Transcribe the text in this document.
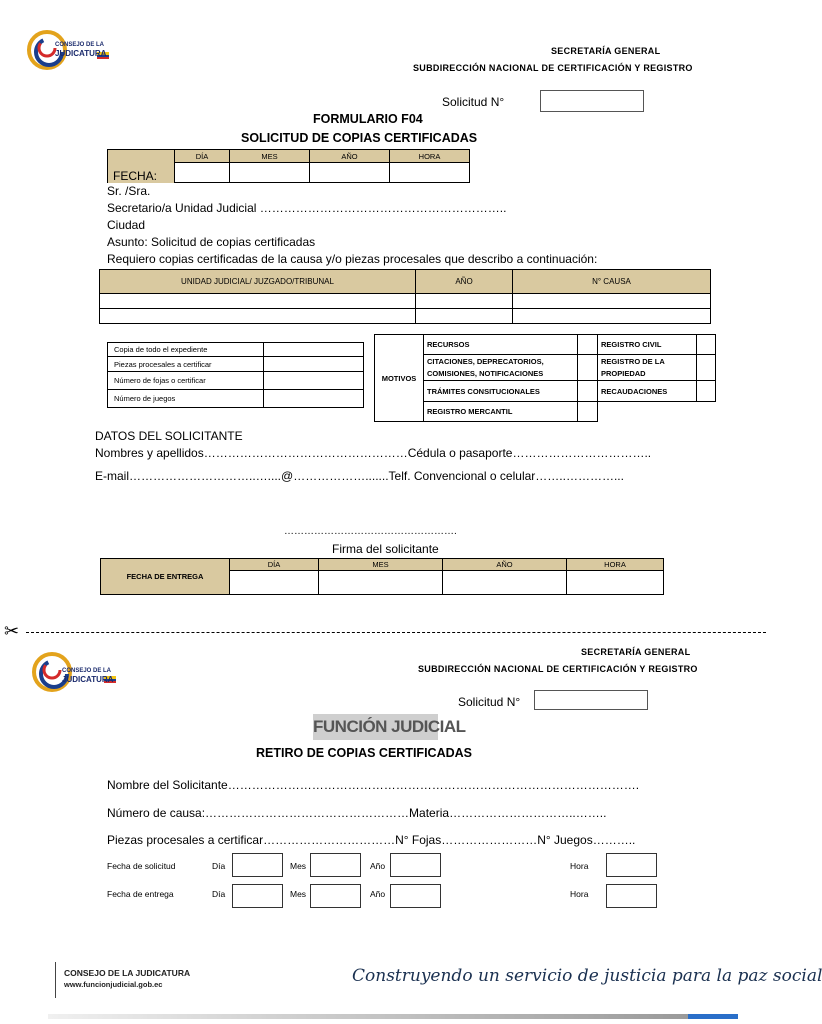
CONSEJO DE LA
JUDICATURA	SECRETARÍA GENERAL
SUBDIRECCIÓN NACIONAL DE CERTIFICACIÓN Y REGISTRO
Solicitud N°
FORMULARIO F04
SOLICITUD DE COPIAS CERTIFICADAS
FECHA:	DÍA	MES	AÑO	HORA

Sr. /Sra.
Secretario/a Unidad Judicial ……………………………………………………..
Ciudad
Asunto: Solicitud de copias certificadas
Requiero copias certificadas de la causa y/o piezas procesales que describo a continuación:
UNIDAD JUDICIAL/ JUZGADO/TRIBUNAL	AÑO	N° CAUSA

Copia de todo el expediente	
Piezas procesales a certificar	
Número de fojas o certificar	
Número de juegos	
MOTIVOS	RECURSOS		REGISTRO CIVIL	
	CITACIONES, DEPRECATORIOS, COMISIONES, NOTIFICACIONES		REGISTRO DE LA PROPIEDAD	
	TRÁMITES CONSITUCIONALES		RECAUDACIONES	
	REGISTRO MERCANTIL			
DATOS DEL SOLICITANTE
Nombres y apellidos……………………………………………Cédula o pasaporte……………………………..
E-mail…………………………..…....@……………….......Telf. Convencional o celular……..…………...
…………………………………………….
Firma del solicitante
FECHA DE ENTREGA	DÍA	MES	AÑO	HORA

✂
CONSEJO DE LA
JUDICATURA
SECRETARÍA GENERAL
SUBDIRECCIÓN NACIONAL DE CERTIFICACIÓN Y REGISTRO
Solicitud N°
FUNCIÓN JUDICIAL
RETIRO DE COPIAS CERTIFICADAS
Nombre del Solicitante………………………………………………………………………………………….
Número de causa:……………………………………………Materia…………………………..……..
Piezas procesales a certificar……………………………N° Fojas……………………N° Juegos………..
Fecha de solicitud	Día	Mes	Año	Hora
Fecha de entrega	Día	Mes	Año	Hora
CONSEJO DE LA JUDICATURA
www.funcionjudicial.gob.ec	Construyendo un servicio de justicia para la paz social
